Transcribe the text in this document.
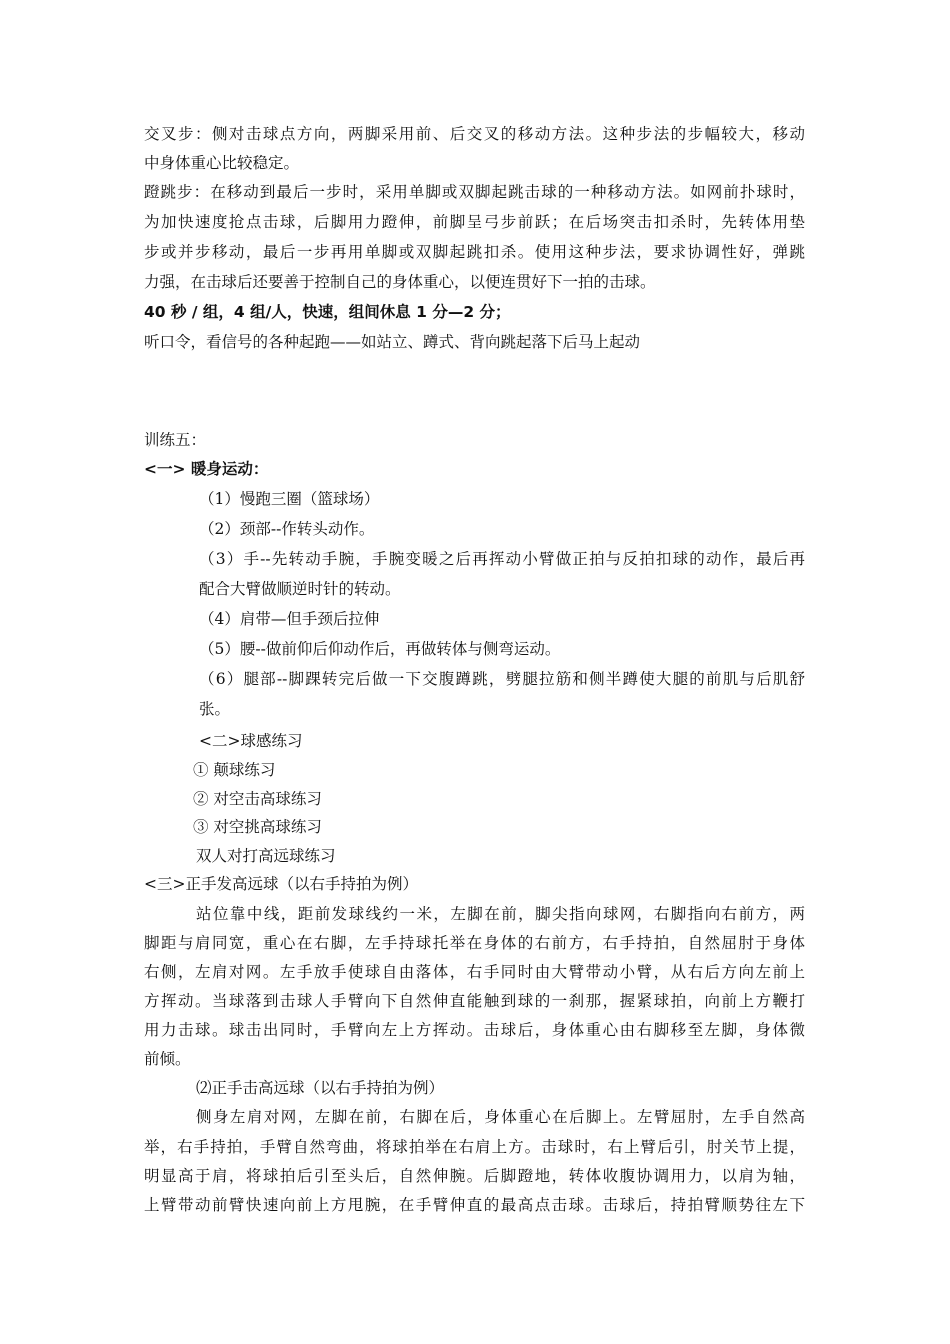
交叉步：侧对击球点方向，两脚采用前、后交叉的移动方法。这种步法的步幅较大，移动
中身体重心比较稳定。
蹬跳步：在移动到最后一步时，采用单脚或双脚起跳击球的一种移动方法。如网前扑球时，
为加快速度抢点击球，后脚用力蹬伸，前脚呈弓步前跃；在后场突击扣杀时，先转体用垫
步或并步移动，最后一步再用单脚或双脚起跳扣杀。使用这种步法，要求协调性好，弹跳
力强，在击球后还要善于控制自己的身体重心，以便连贯好下一拍的击球。
40 秒 / 组，4 组/人，快速，组间休息 1 分—2 分；
听口令，看信号的各种起跑——如站立、蹲式、背向跳起落下后马上起动
训练五：
<一> 暖身运动：
（1）慢跑三圈（篮球场）
（2）颈部--作转头动作。
（3）手--先转动手腕，手腕变暖之后再挥动小臂做正拍与反拍扣球的动作，最后再
配合大臂做顺逆时针的转动。
（4）肩带—但手颈后拉伸
（5）腰--做前仰后仰动作后，再做转体与侧弯运动。
（6）腿部--脚踝转完后做一下交腹蹲跳，劈腿拉筋和侧半蹲使大腿的前肌与后肌舒
张。
<二>球感练习
① 颠球练习
② 对空击高球练习
③ 对空挑高球练习
双人对打高远球练习
<三>正手发高远球（以右手持拍为例）
站位靠中线，距前发球线约一米，左脚在前，脚尖指向球网，右脚指向右前方，两
脚距与肩同宽，重心在右脚，左手持球托举在身体的右前方，右手持拍，自然屈肘于身体
右侧，左肩对网。左手放手使球自由落体，右手同时由大臂带动小臂，从右后方向左前上
方挥动。当球落到击球人手臂向下自然伸直能触到球的一刹那，握紧球拍，向前上方鞭打
用力击球。球击出同时，手臂向左上方挥动。击球后，身体重心由右脚移至左脚，身体微
前倾。
⑵正手击高远球（以右手持拍为例）
侧身左肩对网，左脚在前，右脚在后，身体重心在后脚上。左臂屈肘，左手自然高
举，右手持拍，手臂自然弯曲，将球拍举在右肩上方。击球时，右上臂后引，肘关节上提，
明显高于肩，将球拍后引至头后，自然伸腕。后脚蹬地，转体收腹协调用力，以肩为轴，
上臂带动前臂快速向前上方甩腕，在手臂伸直的最高点击球。击球后，持拍臂顺势往左下
